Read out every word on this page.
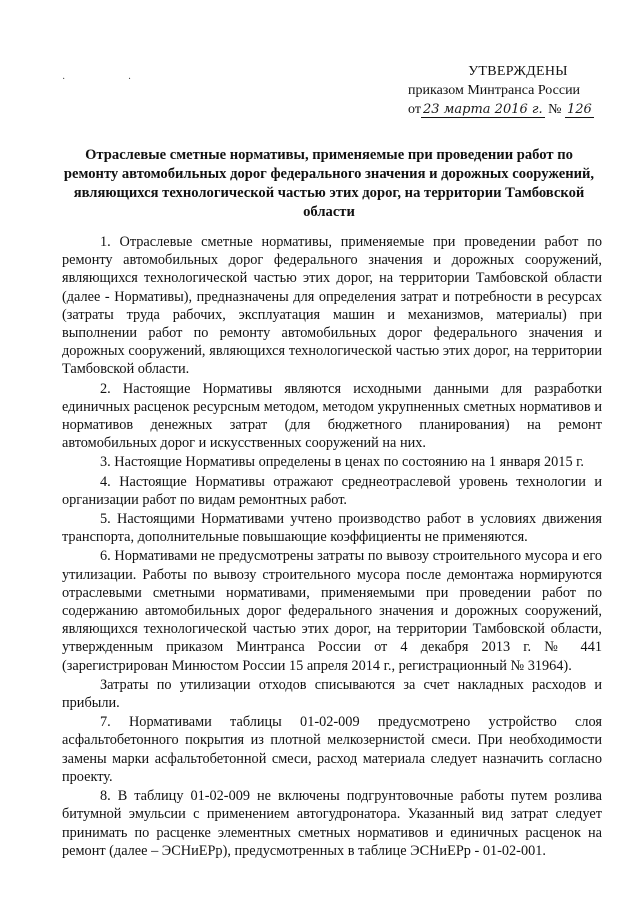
· ·
УТВЕРЖДЕНЫ
приказом Минтранса России
от 23 марта 2016 г. № 126
Отраслевые сметные нормативы, применяемые при проведении работ по ремонту автомобильных дорог федерального значения и дорожных сооружений, являющихся технологической частью этих дорог, на территории Тамбовской области

1. Отраслевые сметные нормативы, применяемые при проведении работ по ремонту автомобильных дорог федерального значения и дорожных сооружений, являющихся технологической частью этих дорог, на территории Тамбовской области (далее - Нормативы), предназначены для определения затрат и потребности в ресурсах (затраты труда рабочих, эксплуатация машин и механизмов, материалы) при выполнении работ по ремонту автомобильных дорог федерального значения и дорожных сооружений, являющихся технологической частью этих дорог, на территории Тамбовской области.

2. Настоящие Нормативы являются исходными данными для разработки единичных расценок ресурсным методом, методом укрупненных сметных нормативов и нормативов денежных затрат (для бюджетного планирования) на ремонт автомобильных дорог и искусственных сооружений на них.

3. Настоящие Нормативы определены в ценах по состоянию на 1 января 2015 г.

4. Настоящие Нормативы отражают среднеотраслевой уровень технологии и организации работ по видам ремонтных работ.

5. Настоящими Нормативами учтено производство работ в условиях движения транспорта, дополнительные повышающие коэффициенты не применяются.

6. Нормативами не предусмотрены затраты по вывозу строительного мусора и его утилизации. Работы по вывозу строительного мусора после демонтажа нормируются отраслевыми сметными нормативами, применяемыми при проведении работ по содержанию автомобильных дорог федерального значения и дорожных сооружений, являющихся технологической частью этих дорог, на территории Тамбовской области, утвержденным приказом Минтранса России от 4 декабря 2013 г. № 441 (зарегистрирован Минюстом России 15 апреля 2014 г., регистрационный № 31964).

Затраты по утилизации отходов списываются за счет накладных расходов и прибыли.

7. Нормативами таблицы 01-02-009 предусмотрено устройство слоя асфальтобетонного покрытия из плотной мелкозернистой смеси. При необходимости замены марки асфальтобетонной смеси, расход материала следует назначить согласно проекту.

8. В таблицу 01-02-009 не включены подгрунтовочные работы путем розлива битумной эмульсии с применением автогудронатора. Указанный вид затрат следует принимать по расценке элементных сметных нормативов и единичных расценок на ремонт (далее – ЭСНиЕРр), предусмотренных в таблице ЭСНиЕРр - 01-02-001.
